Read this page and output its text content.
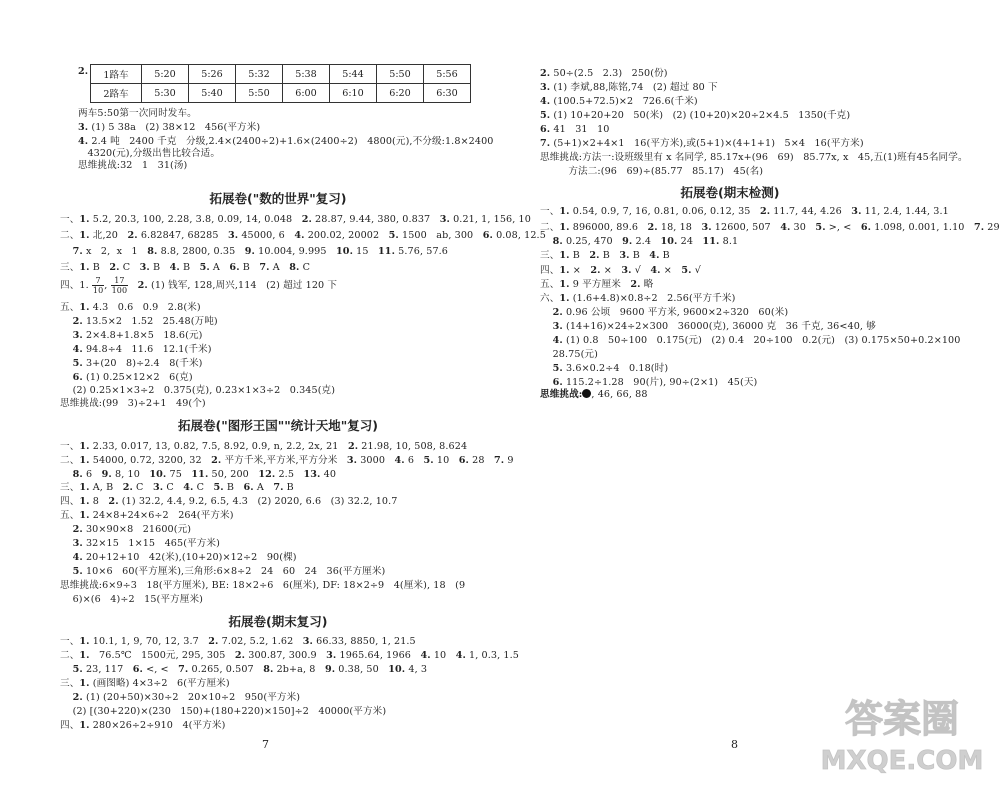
2. 1路车	5:20	5:26	5:32	5:38	5:44	5:50	5:56
2路车	5:30	5:40	5:50	6:00	6:10	6:20	6:30
两车5:50第一次同时发车。
3. (1) 5 38a   (2) 38×12   456(平方米)
4. 2.4 吨   2400 千克   分级,2.4×(2400÷2)+1.6×(2400÷2)   4800(元),不分级:1.8×2400
4320(元),分级出售比较合适。
思维挑战:32   1   31(汤)
拓展卷("数的世界"复习)
一、1. 5.2, 20.3, 100, 2.28, 3.8, 0.09, 14, 0.048   2. 28.87, 9.44, 380, 0.837   3. 0.21, 1, 156, 10
二、1. 北,20   2. 6.82847, 68285   3. 45000, 6   4. 200.02, 20002   5. 1500   ab, 300   6. 0.08, 12.5
7. x   2,  x   1   8. 8.8, 2800, 0.35   9. 10.004, 9.995   10. 15   11. 5.76, 57.6
三、1. B   2. C   3. B   4. B   5. A   6. B   7. A   8. C
四、1. $\frac{7}{10}$ , $\frac{17}{100} 2$. (1) 钱军, 128,周兴,114   (2) 超过 120 下
五、1. 4.3   0.6   0.9   2.8(米)
2. 13.5×2   1.52   25.48(万吨)
3. 2×4.8+1.8×5   18.6(元)
4. 94.8÷4   11.6   12.1(千米)
5. 3+(20   8)÷2.4   8(千米)
6. (1) 0.25×12×2   6(克)
(2) 0.25×1×3÷2   0.375(克), 0.23×1×3÷2   0.345(克)
思维挑战:(99   3)÷2+1   49(个)
拓展卷("图形王国""统计天地"复习)
一、1. 2.33, 0.017, 13, 0.82, 7.5, 8.92, 0.9, n, 2.2, 2x, 21   2. 21.98, 10, 508, 8.624
二、1. 54000, 0.72, 3200, 32   2. 平方千米,平方米,平方分米   3. 3000   4. 6   5. 10   6. 28   7. 9
8. 6   9. 8, 10   10. 75   11. 50, 200   12. 2.5   13. 40
三、1. A, B   2. C   3. C   4. C   5. B   6. A   7. B
四、1. 8   2. (1) 32.2, 4.4, 9.2, 6.5, 4.3   (2) 2020, 6.6   (3) 32.2, 10.7
五、1. 24×8+24×6÷2   264(平方米)
2. 30×90×8   21600(元)
3. 32×15   1×15   465(平方米)
4. 20+12+10   42(米),(10+20)×12÷2   90(棵)
5. 10×6   60(平方厘米),三角形:6×8÷2   24   60   24   36(平方厘米)
思维挑战:6×9÷3   18(平方厘米), BE: 18×2÷6   6(厘米), DF: 18×2÷9   4(厘米), 18   (9
6)×(6   4)÷2   15(平方厘米)
拓展卷(期末复习)
一、1. 10.1, 1, 9, 70, 12, 3.7   2. 7.02, 5.2, 1.62   3. 66.33, 8850, 1, 21.5
二、1.   76.5℃   1500元, 295, 305   2. 300.87, 300.9   3. 1965.64, 1966   4. 10   4. 1, 0.3, 1.5
5. 23, 117   6. <, <   7. 0.265, 0.507   8. 2b+a, 8   9. 0.38, 50   10. 4, 3
三、1. (画图略) 4×3÷2   6(平方厘米)
2. (1) (20+50)×30÷2   20×10÷2   950(平方米)
(2) [(30+220)×(230   150)+(180+220)×150]÷2   40000(平方米)
四、1. 280×26÷2÷910   4(平方米)
7
2. 50÷(2.5   2.3)   250(份)
3. (1) 李斌,88,陈铭,74   (2) 超过 80 下
4. (100.5+72.5)×2   726.6(千米)
5. (1) 10+20+20   50(米)   (2) (10+20)×20÷2×4.5   1350(千克)
6. 41   31   10
7. (5+1)×2+4×1   16(平方米),或(5+1)×(4+1+1)   5×4   16(平方米)
思维挑战:方法一:设班级里有 x 名同学, 85.17x+(96   69)   85.77x, x   45,五(1)班有45名同学。
方法二:(96   69)÷(85.77   85.17)   45(名)
拓展卷(期末检测)
一、1. 0.54, 0.9, 7, 16, 0.81, 0.06, 0.12, 35   2. 11.7, 44, 4.26   3. 11, 2.4, 1.44, 3.1
二、1. 896000, 89.6   2. 18, 18   3. 12600, 507   4. 30   5. >, <   6. 1.098, 0.001, 1.10   7. 29
8. 0.25, 470   9. 2.4   10. 24   11. 8.1
三、1. B   2. B   3. B   4. B
四、1. ×   2. ×   3. √   4. ×   5. √
五、1. 9 平方厘米   2. 略
六、1. (1.6+4.8)×0.8÷2   2.56(平方千米)
2. 0.96 公顷   9600 平方米, 9600×2÷320   60(米)
3. (14+16)×24÷2×300   36000(克), 36000 克   36 千克, 36<40, 够
4. (1) 0.8   50÷100   0.175(元)   (2) 0.4   20÷100   0.2(元)   (3) 0.175×50+0.2×100
28.75(元)
5. 3.6×0.2÷4   0.18(时)
6. 115.2÷1.28   90(片), 90÷(2×1)   45(天)
思维挑战: , 46, 66, 88
8
答案圈
MXQE.COM
